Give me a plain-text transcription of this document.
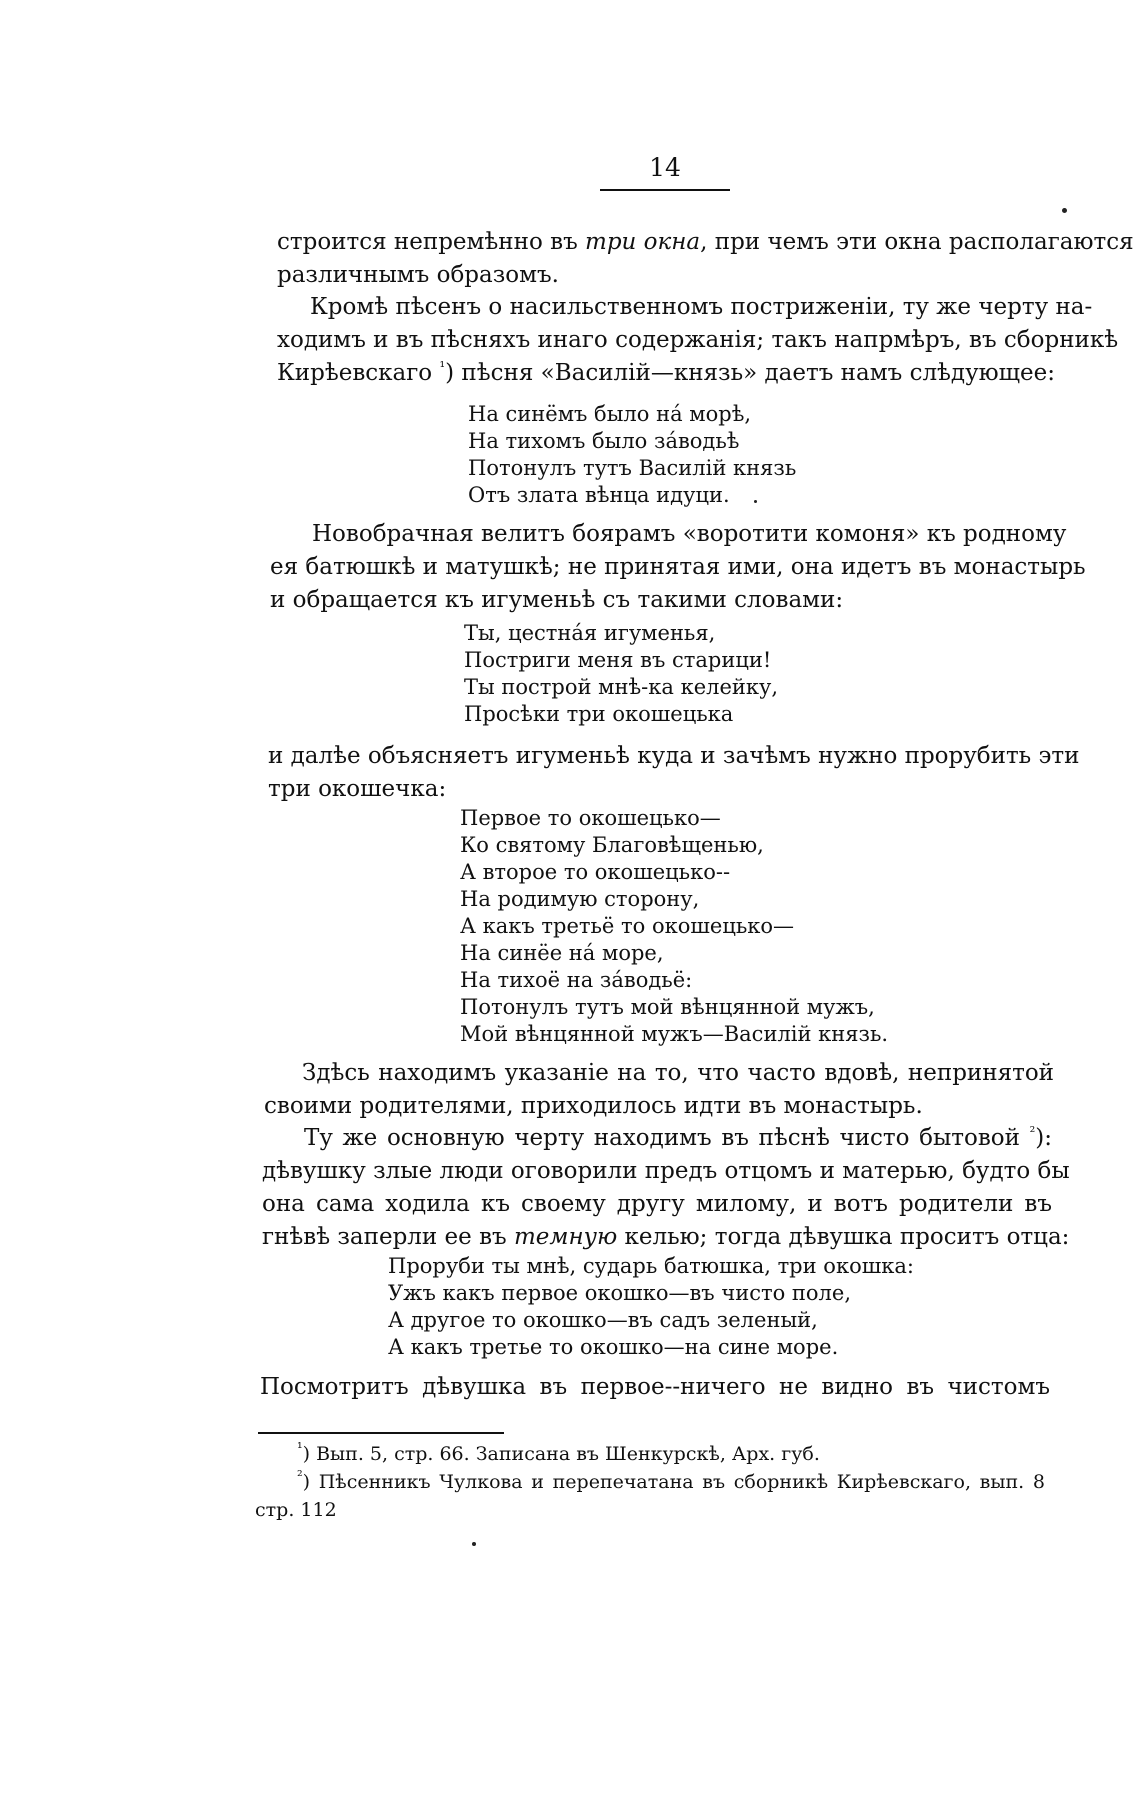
14
строится непремѣнно въ три окна, при чемъ эти окна располагаются
различнымъ образомъ.
Кромѣ пѣсенъ о насильственномъ постриженіи, ту же черту на-
ходимъ и въ пѣсняхъ инаго содержанія; такъ напрмѣръ, въ сборникѣ
Кирѣевскаго $^{^1}$) пѣсня «Василій—князь» даетъ намъ слѣдующее:
На синёмъ было нá морѣ,
На тихомъ было зáводьѣ
Потонулъ тутъ Василій князь
Отъ злата вѣнца идуци.
Новобрачная велитъ боярамъ «воротити комоня» къ родному
ея батюшкѣ и матушкѣ; не принятая ими, она идетъ въ монастырь
и обращается къ игуменьѣ съ такими словами:
Ты, цестнáя игуменья,
Постриги меня въ старици!
Ты построй мнѣ-ка келейку,
Просѣки три окошецька
и далѣе объясняетъ игуменьѣ куда и зачѣмъ нужно прорубить эти
три окошечка:
Первое то окошецько—
Ко святому Благовѣщенью,
А второе то окошецько--
На родимую сторону,
А какъ третьё то окошецько—
На синёе нá море,
На тихоё на зáводьё:
Потонулъ тутъ мой вѣнцянной мужъ,
Мой вѣнцянной мужъ—Василій князь.
Здѣсь находимъ указаніе на то, что часто вдовѣ, непринятой
своими родителями, приходилось идти въ монастырь.
Ту же основную черту находимъ въ пѣснѣ чисто бытовой $^{^2}$):
дѣвушку злые люди оговорили предъ отцомъ и матерью, будто бы
она сама ходила къ своему другу милому, и вотъ родители въ
гнѣвѣ заперли ее въ темную келью; тогда дѣвушка проситъ отца:
Проруби ты мнѣ, сударь батюшка, три окошка:
Ужъ какъ первое окошко—въ чисто поле,
А другое то окошко—въ садъ зеленый,
А какъ третье то окошко—на сине море.
Посмотритъ дѣвушка въ первое--ничего не видно въ чистомъ
$^{^1}$) Вып. 5, стр. 66. Записана въ Шенкурскѣ, Арх. губ.
$^{^2}$) Пѣсенникъ Чулкова и перепечатана въ сборникѣ Кирѣевскаго, вып. 8
стр. 112
